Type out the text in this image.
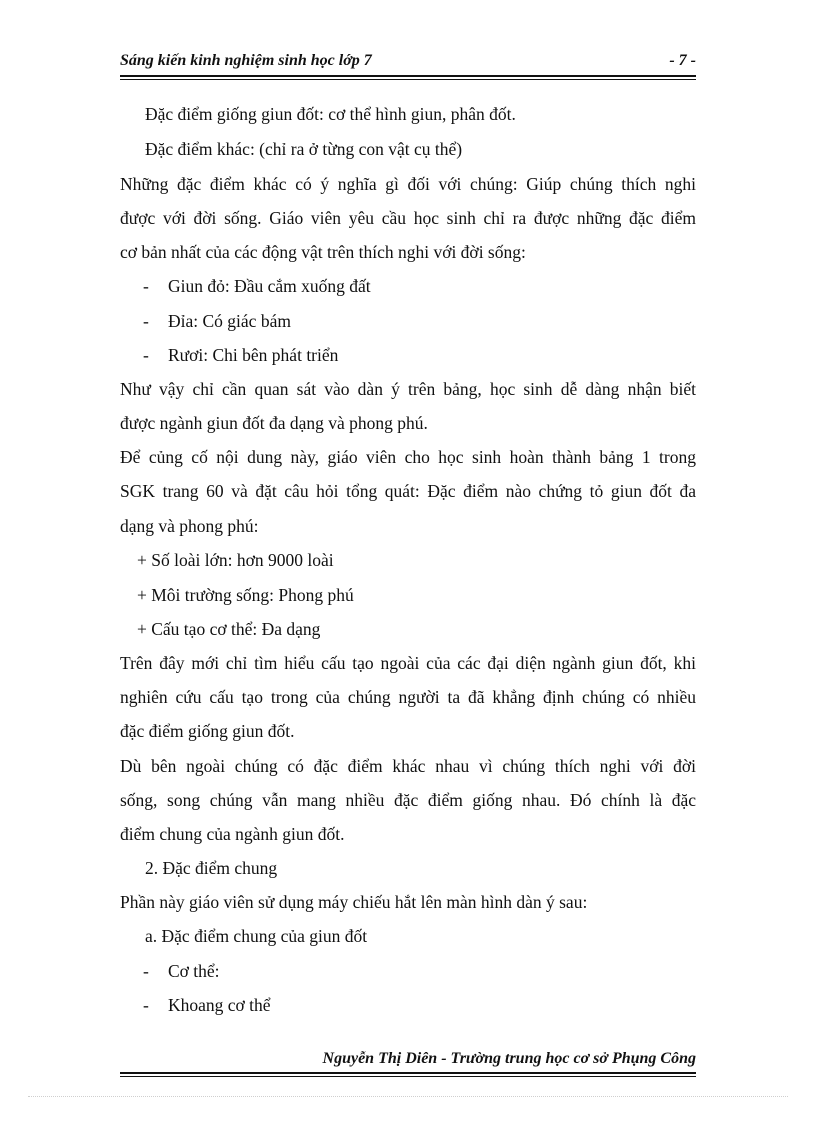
Sáng kiến kinh nghiệm sinh học lớp 7	- 7 -
Đặc điểm giống giun đốt: cơ thể hình giun, phân đốt.
Đặc điểm khác: (chỉ ra ở từng con vật cụ thể)
Những đặc điểm khác có ý nghĩa gì đối với chúng: Giúp chúng thích nghi
được với đời sống. Giáo viên yêu cầu học sinh chỉ ra được những đặc điểm
cơ bản nhất của các động vật trên thích nghi với đời sống:
- Giun đỏ: Đầu cắm xuống đất
- Đỉa: Có giác bám
- Rươi: Chi bên phát triển
Như vậy chỉ cần quan sát vào dàn ý trên bảng, học sinh dễ dàng nhận biết
được ngành giun đốt đa dạng và phong phú.
Để củng cố nội dung này, giáo viên cho học sinh hoàn thành bảng 1 trong
SGK trang 60 và đặt câu hỏi tổng quát: Đặc điểm nào chứng tỏ giun đốt đa
dạng và phong phú:
+ Số loài lớn: hơn 9000 loài
+ Môi trường sống: Phong phú
+ Cấu tạo cơ thể: Đa dạng
Trên đây mới chỉ tìm hiểu cấu tạo ngoài của các đại diện ngành giun đốt, khi
nghiên cứu cấu tạo trong của chúng người ta đã khẳng định chúng có nhiều
đặc điểm giống giun đốt.
Dù bên ngoài chúng có đặc điểm khác nhau vì chúng thích nghi với đời
sống, song chúng vẫn mang nhiều đặc điểm giống nhau. Đó chính là đặc
điểm chung của ngành giun đốt.
2. Đặc điểm chung
Phần này giáo viên sử dụng máy chiếu hắt lên màn hình dàn ý sau:
a. Đặc điểm chung của giun đốt
- Cơ thể:
- Khoang cơ thể
Nguyễn Thị Diên - Trường trung học cơ sở Phụng Công
